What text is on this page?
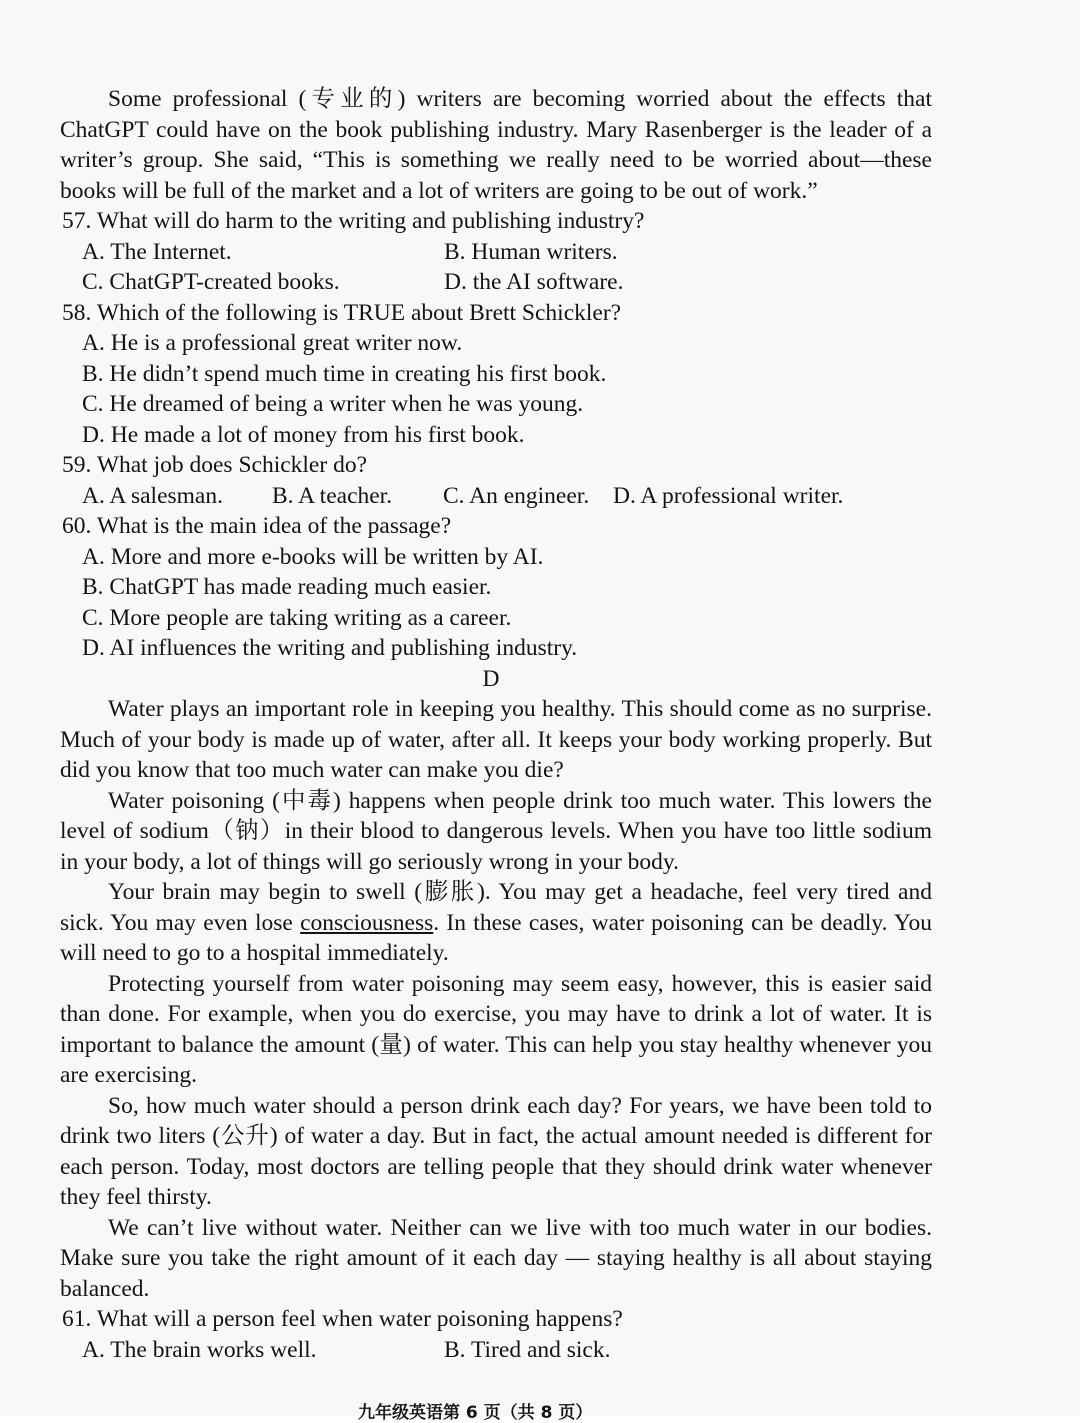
Some professional (专业的) writers are becoming worried about the effects that ChatGPT could have on the book publishing industry. Mary Rasenberger is the leader of a writer’s group. She said, “This is something we really need to be worried about—these books will be full of the market and a lot of writers are going to be out of work.”

57. What will do harm to the writing and publishing industry?

A. The Internet.	B. Human writers.
C. ChatGPT-created books.	D. the AI software.

58. Which of the following is TRUE about Brett Schickler?

A. He is a professional great writer now.

B. He didn’t spend much time in creating his first book.

C. He dreamed of being a writer when he was young.

D. He made a lot of money from his first book.

59. What job does Schickler do?

A. A salesman.	B. A teacher.	C. An engineer.	D. A professional writer.

60. What is the main idea of the passage?

A. More and more e-books will be written by AI.

B. ChatGPT has made reading much easier.

C. More people are taking writing as a career.

D. AI influences the writing and publishing industry.

D

Water plays an important role in keeping you healthy. This should come as no surprise. Much of your body is made up of water, after all. It keeps your body working properly. But did you know that too much water can make you die?

Water poisoning (中毒) happens when people drink too much water. This lowers the level of sodium（钠）in their blood to dangerous levels. When you have too little sodium in your body, a lot of things will go seriously wrong in your body.

Your brain may begin to swell (膨胀). You may get a headache, feel very tired and sick. You may even lose consciousness. In these cases, water poisoning can be deadly. You will need to go to a hospital immediately.

Protecting yourself from water poisoning may seem easy, however, this is easier said than done. For example, when you do exercise, you may have to drink a lot of water. It is important to balance the amount (量) of water. This can help you stay healthy whenever you are exercising.

So, how much water should a person drink each day? For years, we have been told to drink two liters (公升) of water a day. But in fact, the actual amount needed is different for each person. Today, most doctors are telling people that they should drink water whenever they feel thirsty.

We can’t live without water. Neither can we live with too much water in our bodies. Make sure you take the right amount of it each day — staying healthy is all about staying balanced.

61. What will a person feel when water poisoning happens?

A. The brain works well.	B. Tired and sick.
九年级英语第 6 页（共 8 页）
